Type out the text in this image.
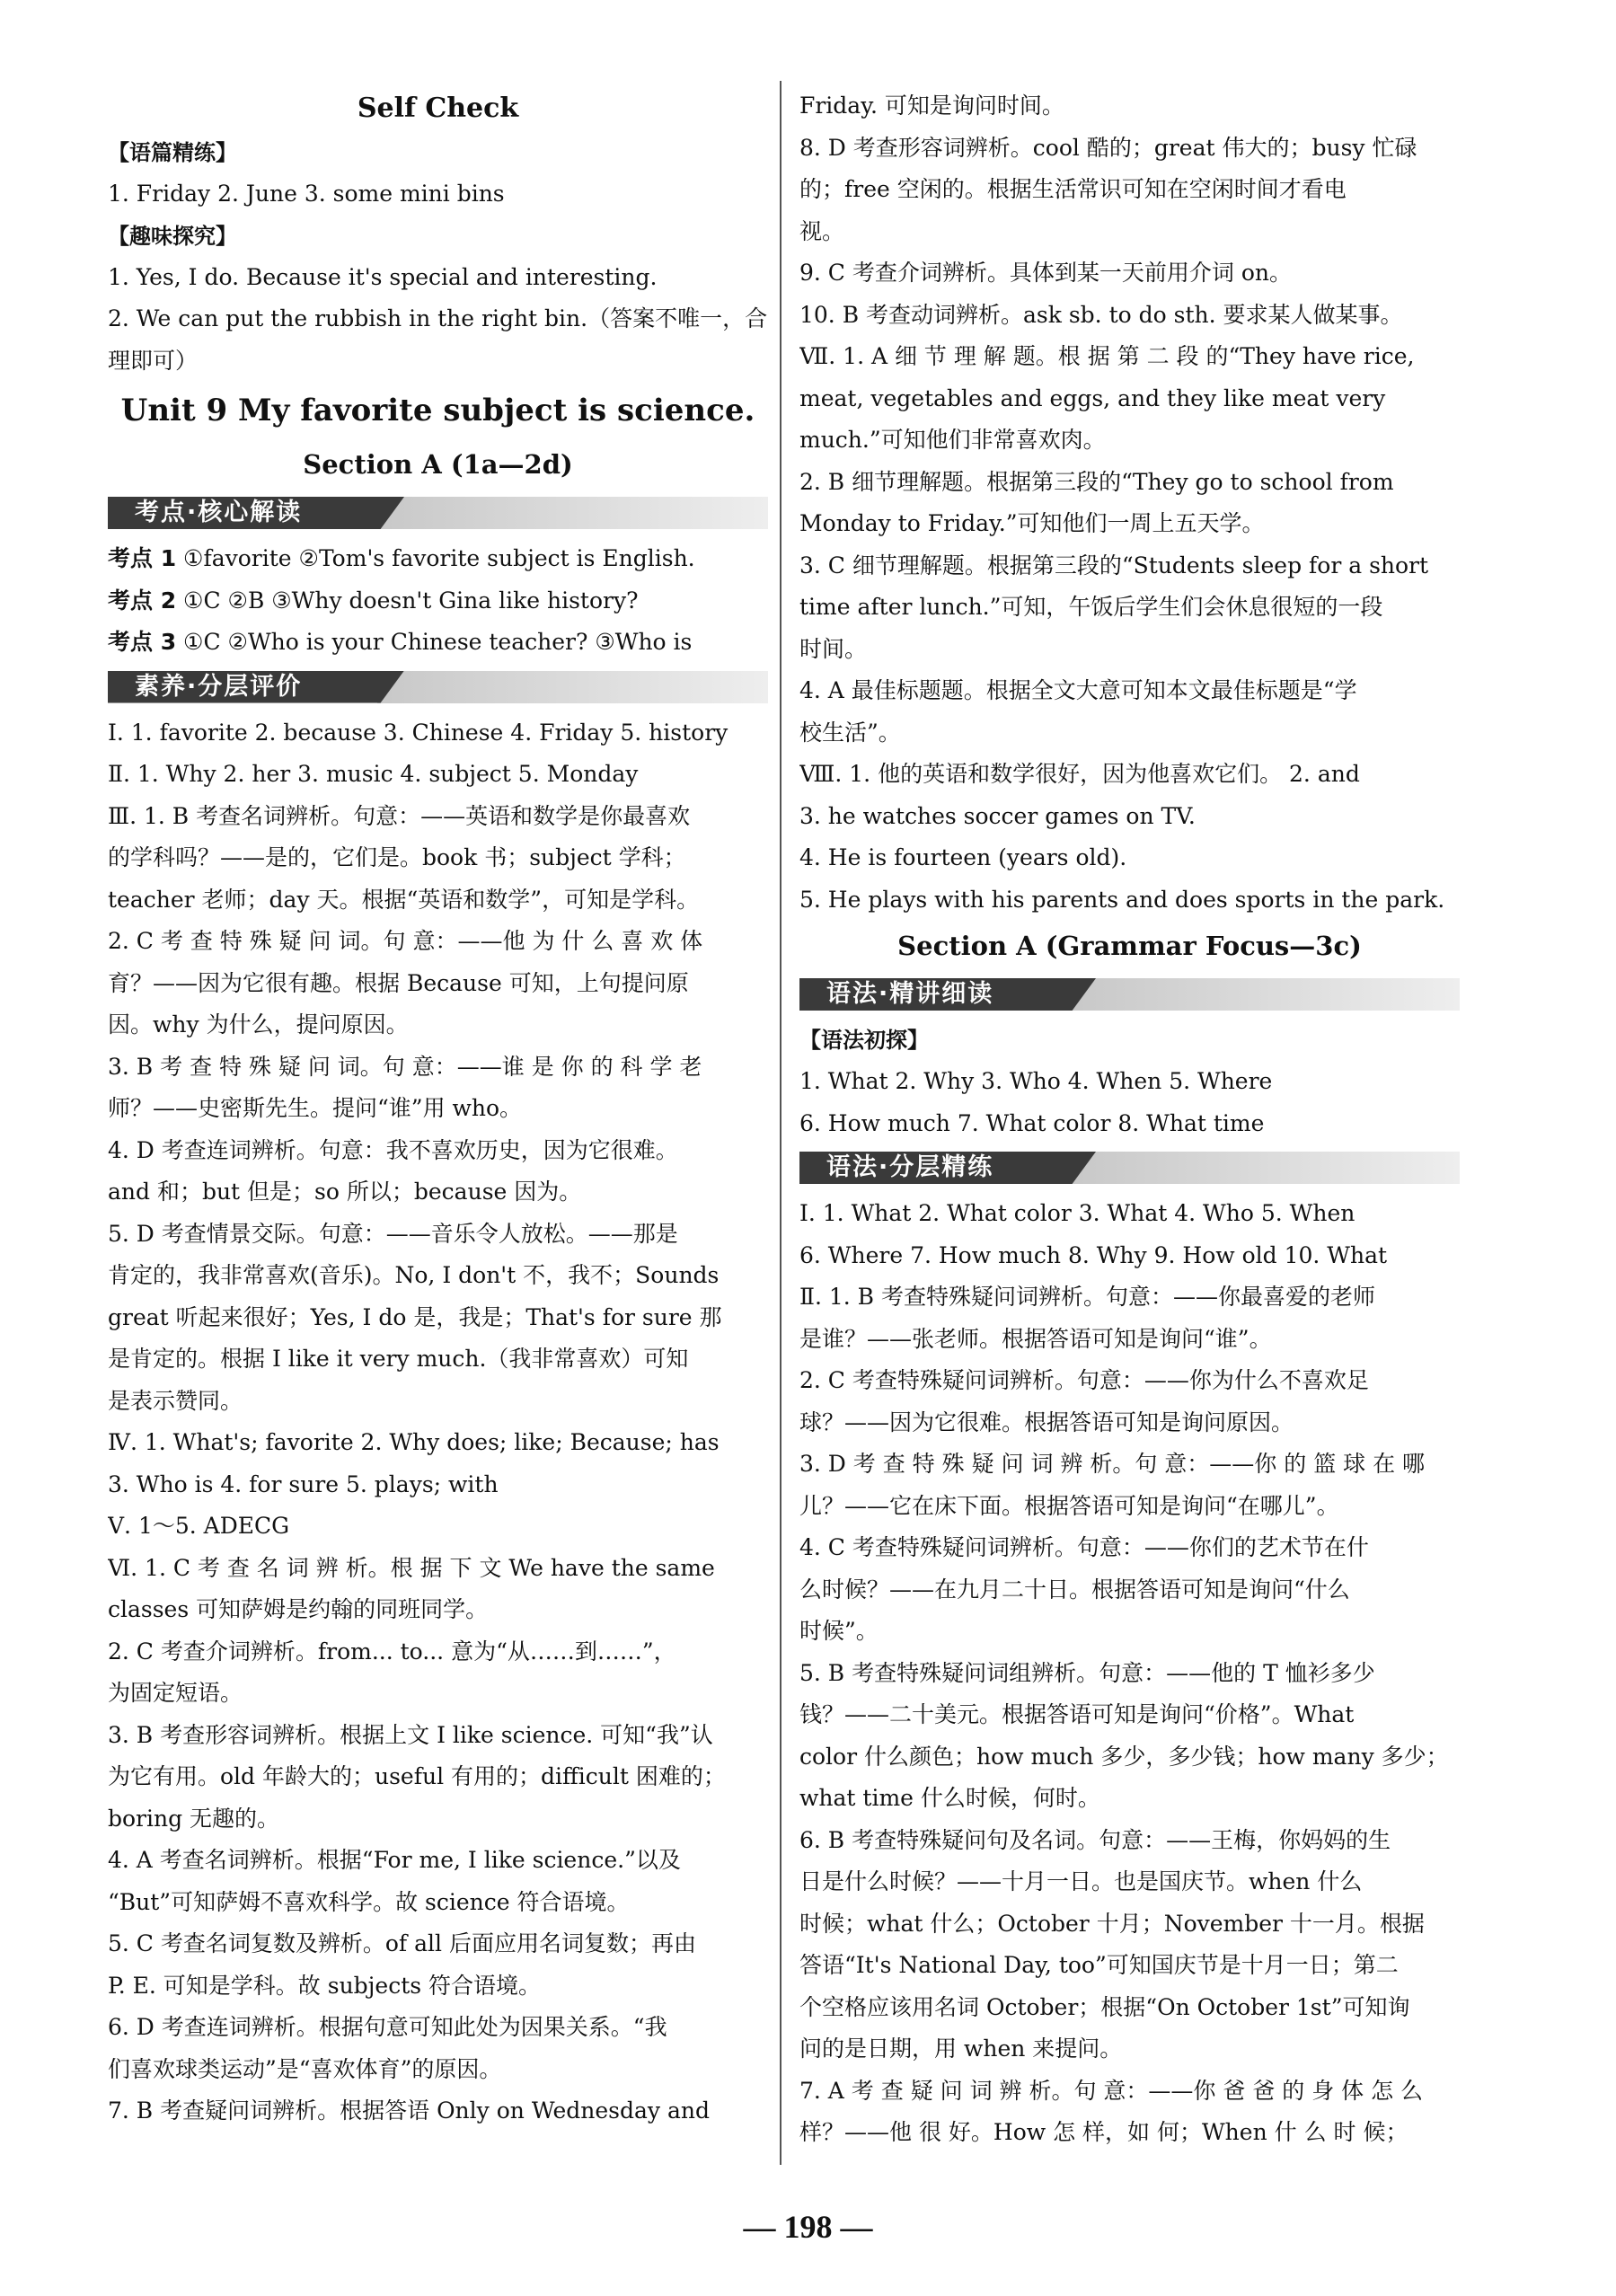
Self Check
【语篇精练】
1. Friday 2. June 3. some mini bins
【趣味探究】
1. Yes, I do. Because it's special and interesting.
2. We can put the rubbish in the right bin.（答案不唯一，合
理即可）
Unit 9 My favorite subject is science.
Section A (1a—2d)
考点·核心解读
考点 1 ①favorite ②Tom's favorite subject is English.
考点 2 ①C ②B ③Why doesn't Gina like history?
考点 3 ①C ②Who is your Chinese teacher? ③Who is
素养·分层评价
Ⅰ. 1. favorite 2. because 3. Chinese 4. Friday 5. history
Ⅱ. 1. Why 2. her 3. music 4. subject 5. Monday
Ⅲ. 1. B 考查名词辨析。句意：——英语和数学是你最喜欢
的学科吗？——是的，它们是。book 书；subject 学科；
teacher 老师；day 天。根据“英语和数学”，可知是学科。
2. C 考 查 特 殊 疑 问 词。句 意：——他 为 什 么 喜 欢 体
育？——因为它很有趣。根据 Because 可知，上句提问原
因。why 为什么，提问原因。
3. B 考 查 特 殊 疑 问 词。句 意：——谁 是 你 的 科 学 老
师？——史密斯先生。提问“谁”用 who。
4. D 考查连词辨析。句意：我不喜欢历史，因为它很难。
and 和；but 但是；so 所以；because 因为。
5. D 考查情景交际。句意：——音乐令人放松。——那是
肯定的，我非常喜欢(音乐)。No, I don't 不，我不；Sounds
great 听起来很好；Yes, I do 是，我是；That's for sure 那
是肯定的。根据 I like it very much.（我非常喜欢）可知
是表示赞同。
Ⅳ. 1. What's; favorite 2. Why does; like; Because; has
3. Who is 4. for sure 5. plays; with
Ⅴ. 1～5. ADECG
Ⅵ. 1. C 考 查 名 词 辨 析。根 据 下 文 We have the same
classes 可知萨姆是约翰的同班同学。
2. C 考查介词辨析。from... to... 意为“从……到……”，
为固定短语。
3. B 考查形容词辨析。根据上文 I like science. 可知“我”认
为它有用。old 年龄大的；useful 有用的；difficult 困难的；
boring 无趣的。
4. A 考查名词辨析。根据“For me, I like science.”以及
“But”可知萨姆不喜欢科学。故 science 符合语境。
5. C 考查名词复数及辨析。of all 后面应用名词复数；再由
P. E. 可知是学科。故 subjects 符合语境。
6. D 考查连词辨析。根据句意可知此处为因果关系。“我
们喜欢球类运动”是“喜欢体育”的原因。
7. B 考查疑问词辨析。根据答语 Only on Wednesday and
Friday. 可知是询问时间。
8. D 考查形容词辨析。cool 酷的；great 伟大的；busy 忙碌
的；free 空闲的。根据生活常识可知在空闲时间才看电
视。
9. C 考查介词辨析。具体到某一天前用介词 on。
10. B 考查动词辨析。ask sb. to do sth. 要求某人做某事。
Ⅶ. 1. A 细 节 理 解 题。根 据 第 二 段 的“They have rice,
meat, vegetables and eggs, and they like meat very
much.”可知他们非常喜欢肉。
2. B 细节理解题。根据第三段的“They go to school from
Monday to Friday.”可知他们一周上五天学。
3. C 细节理解题。根据第三段的“Students sleep for a short
time after lunch.”可知，午饭后学生们会休息很短的一段
时间。
4. A 最佳标题题。根据全文大意可知本文最佳标题是“学
校生活”。
Ⅷ. 1. 他的英语和数学很好，因为他喜欢它们。 2. and
3. he watches soccer games on TV.
4. He is fourteen (years old).
5. He plays with his parents and does sports in the park.
Section A (Grammar Focus—3c)
语法·精讲细读
【语法初探】
1. What 2. Why 3. Who 4. When 5. Where
6. How much 7. What color 8. What time
语法·分层精练
Ⅰ. 1. What 2. What color 3. What 4. Who 5. When
6. Where 7. How much 8. Why 9. How old 10. What
Ⅱ. 1. B 考查特殊疑问词辨析。句意：——你最喜爱的老师
是谁？——张老师。根据答语可知是询问“谁”。
2. C 考查特殊疑问词辨析。句意：——你为什么不喜欢足
球？——因为它很难。根据答语可知是询问原因。
3. D 考 查 特 殊 疑 问 词 辨 析。句 意：——你 的 篮 球 在 哪
儿？——它在床下面。根据答语可知是询问“在哪儿”。
4. C 考查特殊疑问词辨析。句意：——你们的艺术节在什
么时候？——在九月二十日。根据答语可知是询问“什么
时候”。
5. B 考查特殊疑问词组辨析。句意：——他的 T 恤衫多少
钱？——二十美元。根据答语可知是询问“价格”。What
color 什么颜色；how much 多少，多少钱；how many 多少；
what time 什么时候，何时。
6. B 考查特殊疑问句及名词。句意：——王梅，你妈妈的生
日是什么时候？——十月一日。也是国庆节。when 什么
时候；what 什么；October 十月；November 十一月。根据
答语“It's National Day, too”可知国庆节是十月一日；第二
个空格应该用名词 October；根据“On October 1st”可知询
问的是日期，用 when 来提问。
7. A 考 查 疑 问 词 辨 析。句 意：——你 爸 爸 的 身 体 怎 么
样？——他 很 好。How 怎 样，如 何；When 什 么 时 候；
— 198 —
